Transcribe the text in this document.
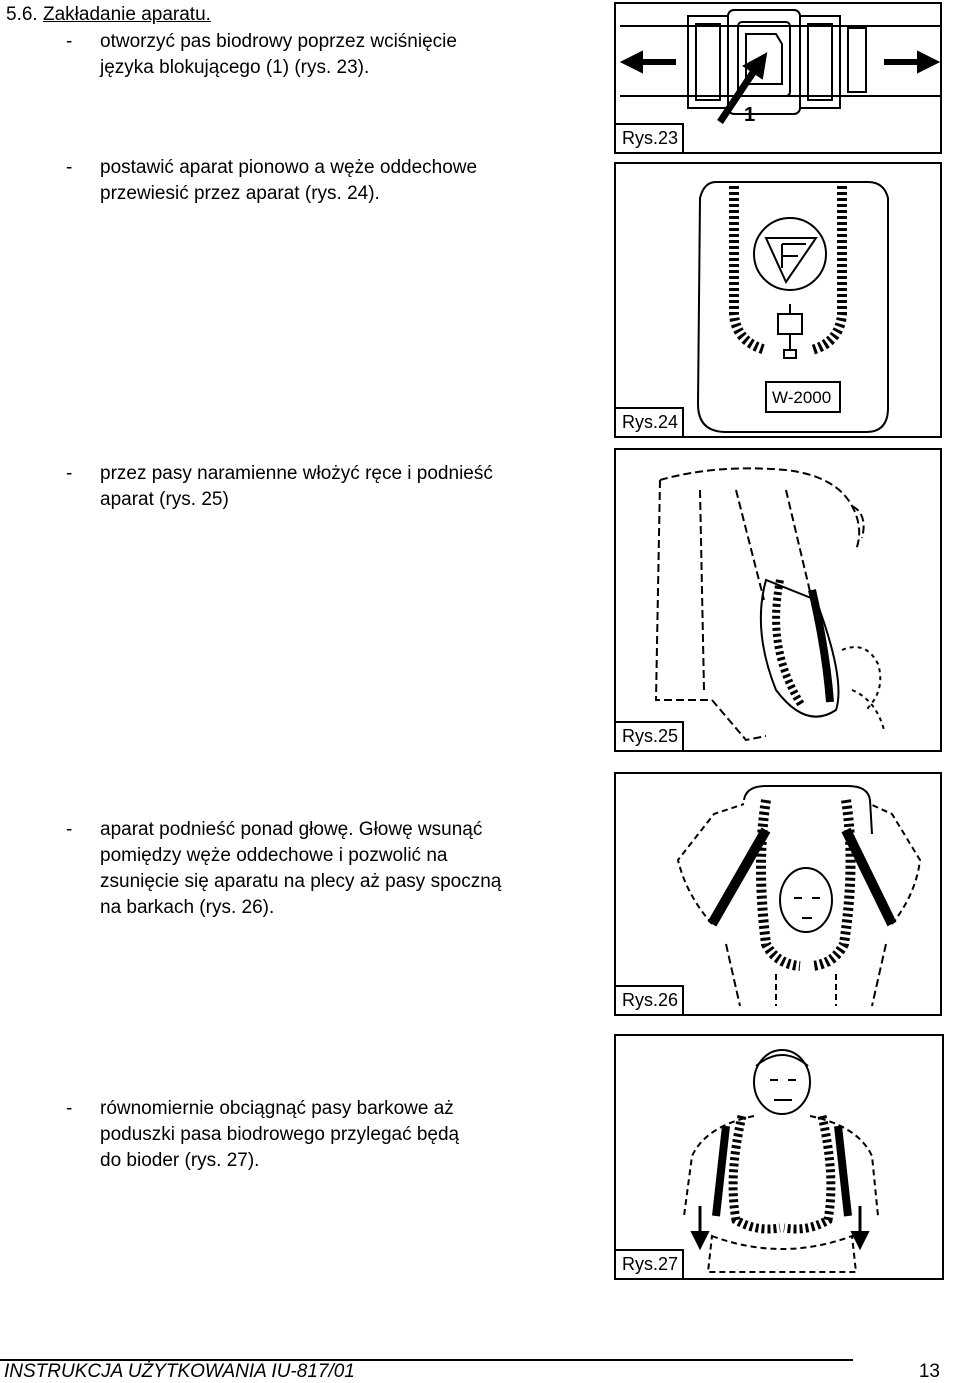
5.6. Zakładanie aparatu.
- otworzyć pas biodrowy poprzez wciśnięcie
języka blokującego (1) (rys. 23).
- postawić aparat pionowo a węże oddechowe
przewiesić przez aparat (rys. 24).
- przez pasy naramienne włożyć ręce i podnieść
aparat (rys. 25)
- aparat podnieść ponad głowę. Głowę wsunąć
pomiędzy węże oddechowe i pozwolić na
zsunięcie się aparatu na plecy aż pasy spoczną
na barkach (rys. 26).
- równomiernie obciągnąć pasy barkowe aż
poduszki pasa biodrowego przylegać będą
do bioder (rys. 27).
1
Rys.23
W-2000
Rys.24
Rys.25
Rys.26
Rys.27
INSTRUKCJA UŻYTKOWANIA IU-817/01	13
